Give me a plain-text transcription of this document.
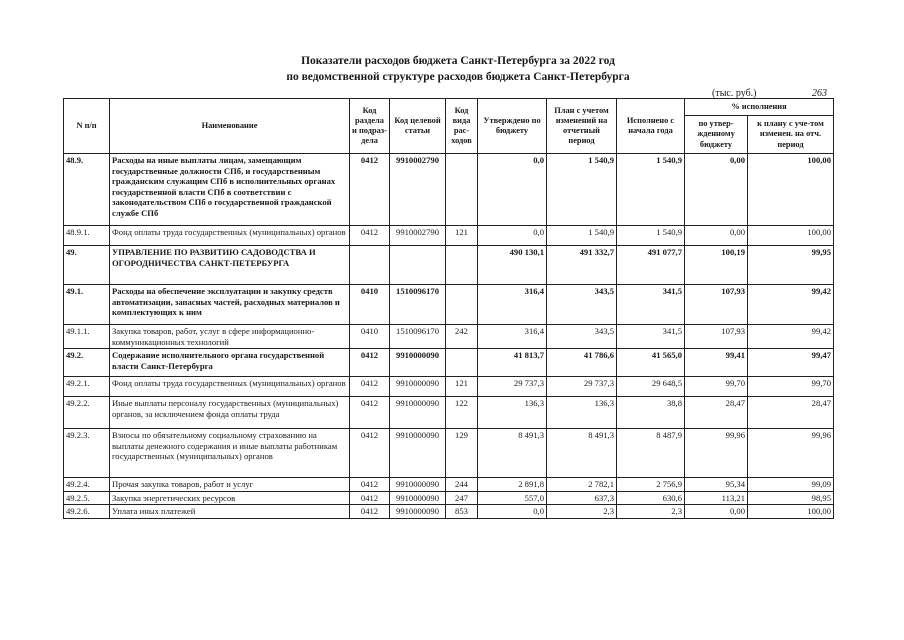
Показатели расходов бюджета Санкт-Петербурга за 2022 год
по ведомственной структуре расходов бюджета Санкт-Петербурга
(тыс. руб.)	263
N п/п	Наименование	Код раздела и подраз-дела	Код целевой статьи	Код вида рас-ходов	Утверждено по бюджету	План с учетом изменений на отчетный период	Исполнено с начала года	% исполнения	
								по утвер-жденному бюджету	к плану с уче-том изменен. на отч. период
48.9.	Расходы на иные выплаты лицам, замещающим государственные должности СПб, и государственным гражданским служащим СПб в исполнительных органах государственной власти СПб в соответствии с законодательством СПб о государственной гражданской службе СПб	0412	9910002790		0,0	1 540,9	1 540,9	0,00	100,00
48.9.1.	Фонд оплаты труда государственных (муниципальных) органов	0412	9910002790	121	0,0	1 540,9	1 540,9	0,00	100,00
49.	УПРАВЛЕНИЕ ПО РАЗВИТИЮ САДОВОДСТВА И ОГОРОДНИЧЕСТВА САНКТ-ПЕТЕРБУРГА				490 130,1	491 332,7	491 077,7	100,19	99,95
49.1.	Расходы на обеспечение эксплуатации и закупку средств автоматизации, запасных частей, расходных материалов и комплектующих к ним	0410	1510096170		316,4	343,5	341,5	107,93	99,42
49.1.1.	Закупка товаров, работ, услуг в сфере информационно-коммуникационных технологий	0410	1510096170	242	316,4	343,5	341,5	107,93	99,42
49.2.	Содержание исполнительного органа государственной власти Санкт-Петербурга	0412	9910000090		41 813,7	41 786,6	41 565,0	99,41	99,47
49.2.1.	Фонд оплаты труда государственных (муниципальных) органов	0412	9910000090	121	29 737,3	29 737,3	29 648,5	99,70	99,70
49.2.2.	Иные выплаты персоналу государственных (муниципальных) органов, за исключением фонда оплаты труда	0412	9910000090	122	136,3	136,3	38,8	28,47	28,47
49.2.3.	Взносы по обязательному социальному страхованию на выплаты денежного содержания и иные выплаты работникам государственных (муниципальных) органов	0412	9910000090	129	8 491,3	8 491,3	8 487,9	99,96	99,96
49.2.4.	Прочая закупка товаров, работ и услуг	0412	9910000090	244	2 891,8	2 782,1	2 756,9	95,34	99,09
49.2.5.	Закупка энергетических ресурсов	0412	9910000090	247	557,0	637,3	630,6	113,21	98,95
49.2.6.	Уплата иных платежей	0412	9910000090	853	0,0	2,3	2,3	0,00	100,00
